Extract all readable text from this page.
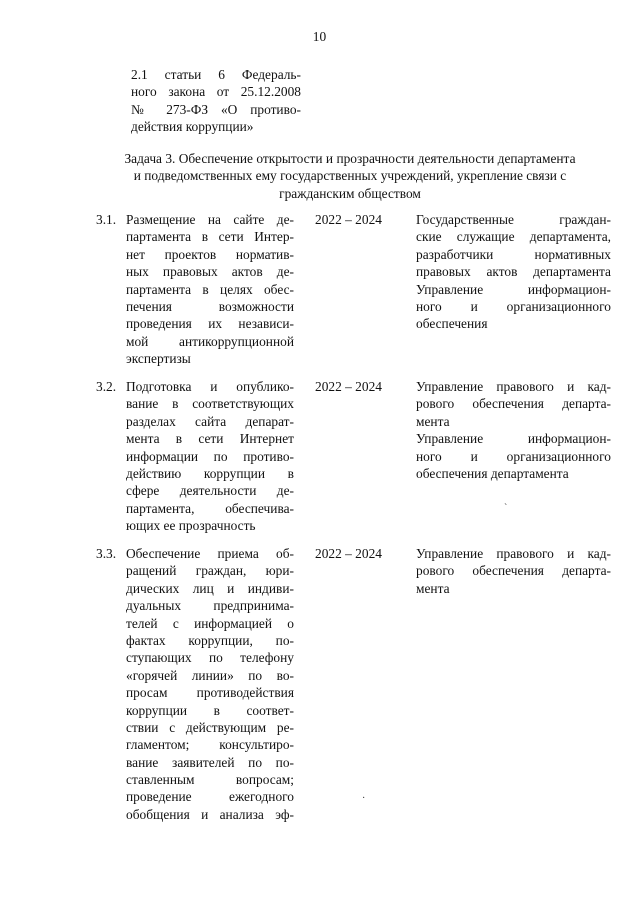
10
2.1 статьи 6 Федераль-
ного закона от 25.12.2008
№ 273-ФЗ «О противо-
действия коррупции»
Задача 3. Обеспечение открытости и прозрачности деятельности департамента
и подведомственных ему государственных учреждений, укрепление связи с
гражданским обществом
3.1. Размещение на сайте де-
партамента в сети Интер-
нет проектов норматив-
ных правовых актов де-
партамента в целях обес-
печения возможности
проведения их независи-
мой антикоррупционной
экспертизы
2022 – 2024	Государственные граждан-
ские служащие департамента,
разработчики нормативных
правовых актов департамента
Управление информацион-
ного и организационного
обеспечения
3.2. Подготовка и опублико-
вание в соответствующих
разделах сайта депарат-
мента в сети Интернет
информации по противо-
действию коррупции в
сфере деятельности де-
партамента, обеспечива-
ющих ее прозрачность
2022 – 2024	Управление правового и кад-
рового обеспечения департа-
мента
Управление информацион-
ного и организационного
обеспечения департамента
3.3. Обеспечение приема об-
ращений граждан, юри-
дических лиц и индиви-
дуальных предпринима-
телей с информацией о
фактах коррупции, по-
ступающих по телефону
«горячей линии» по во-
просам противодействия
коррупции в соответ-
ствии с действующим ре-
гламентом; консультиро-
вание заявителей по по-
ставленным вопросам;
проведение ежегодного
обобщения и анализа эф-
2022 – 2024	Управление правового и кад-
рового обеспечения департа-
мента
ˋ
·
